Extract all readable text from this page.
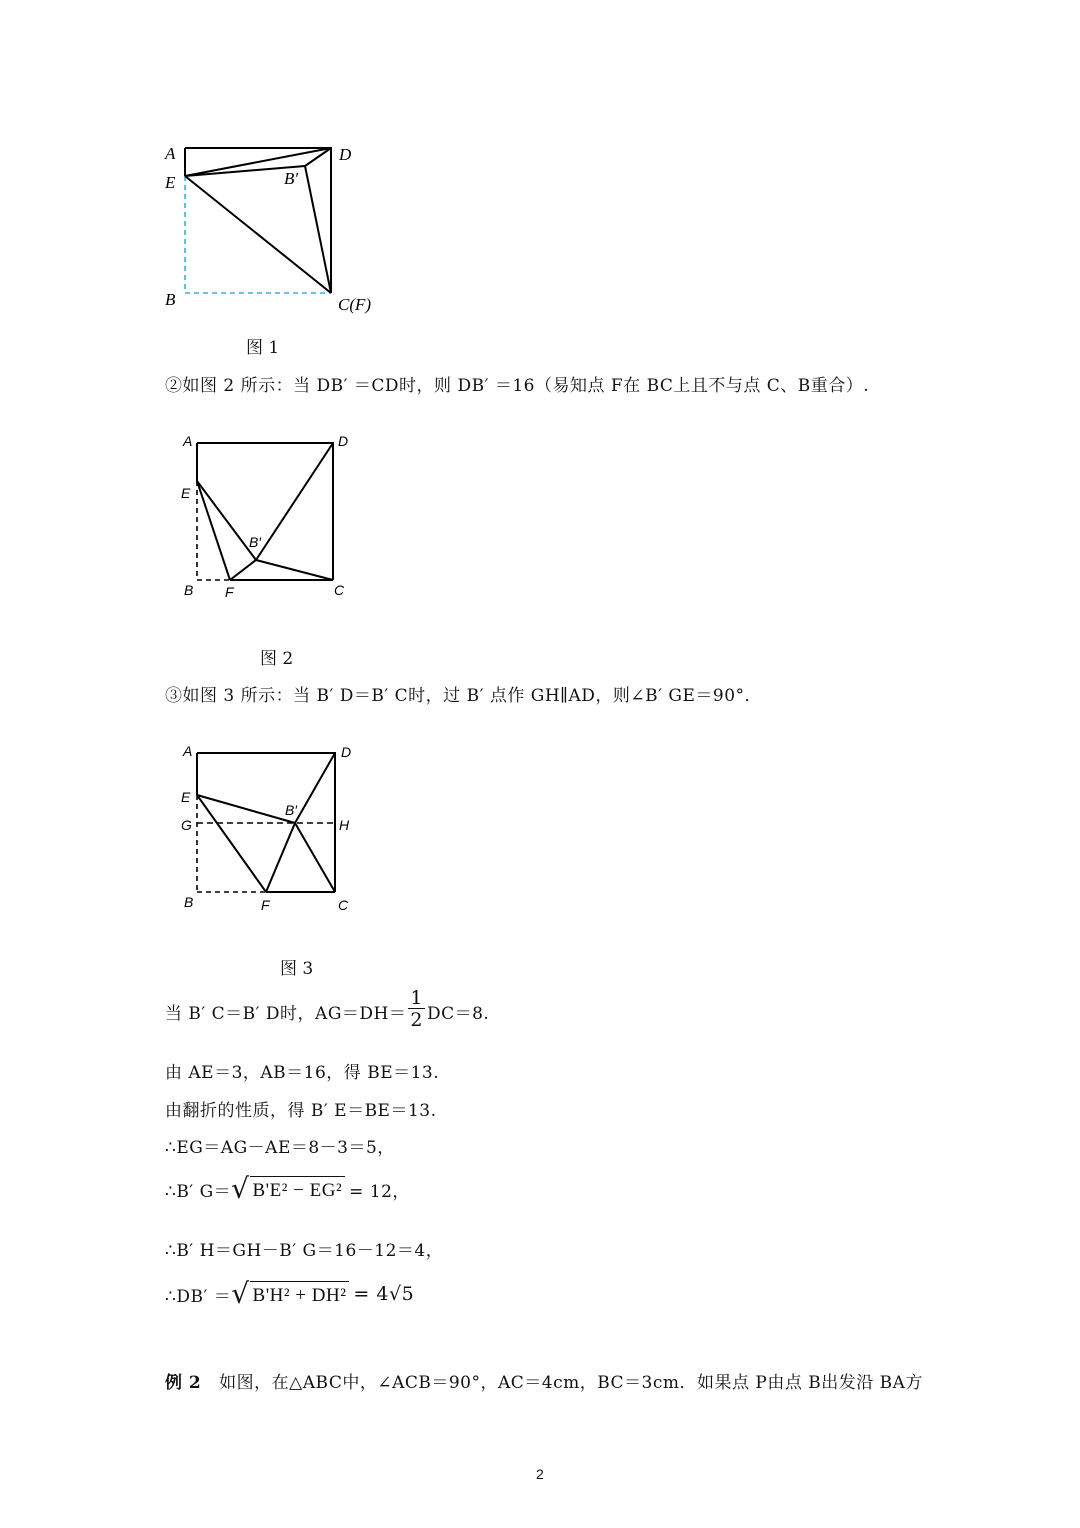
A	D
E	B′
B	C(F)
图 1
②如图 2 所示：当 DB′ ＝CD时，则 DB′ ＝16（易知点 F在 BC上且不与点 C、B重合）.
A	D
E
B′
B F	C
图 2
③如图 3 所示：当 B′ D＝B′ C时，过 B′ 点作 GH∥AD，则∠B′ GE＝90°．
A	D
E
G	H
B′
B	F	C
图 3
当 B′ C＝B′ D时，$AG=DH= \frac{1}{2} DC=8$.
由 AE＝3，AB＝16，得 BE＝13.
由翻折的性质，得 B′ E＝BE＝13.
∴EG＝AG－AE＝8－3＝5，
∴B′ G＝ √ B'E² − EG² = 12，
∴B′ H＝GH－B′ G＝16－12＝4，
∴DB′ ＝ √ B'H² + DH² = 4√5
例 2 如图，在△ABC中，∠ACB＝90°，AC＝4cm，BC＝3cm．如果点 P由点 B出发沿 BA方
2
